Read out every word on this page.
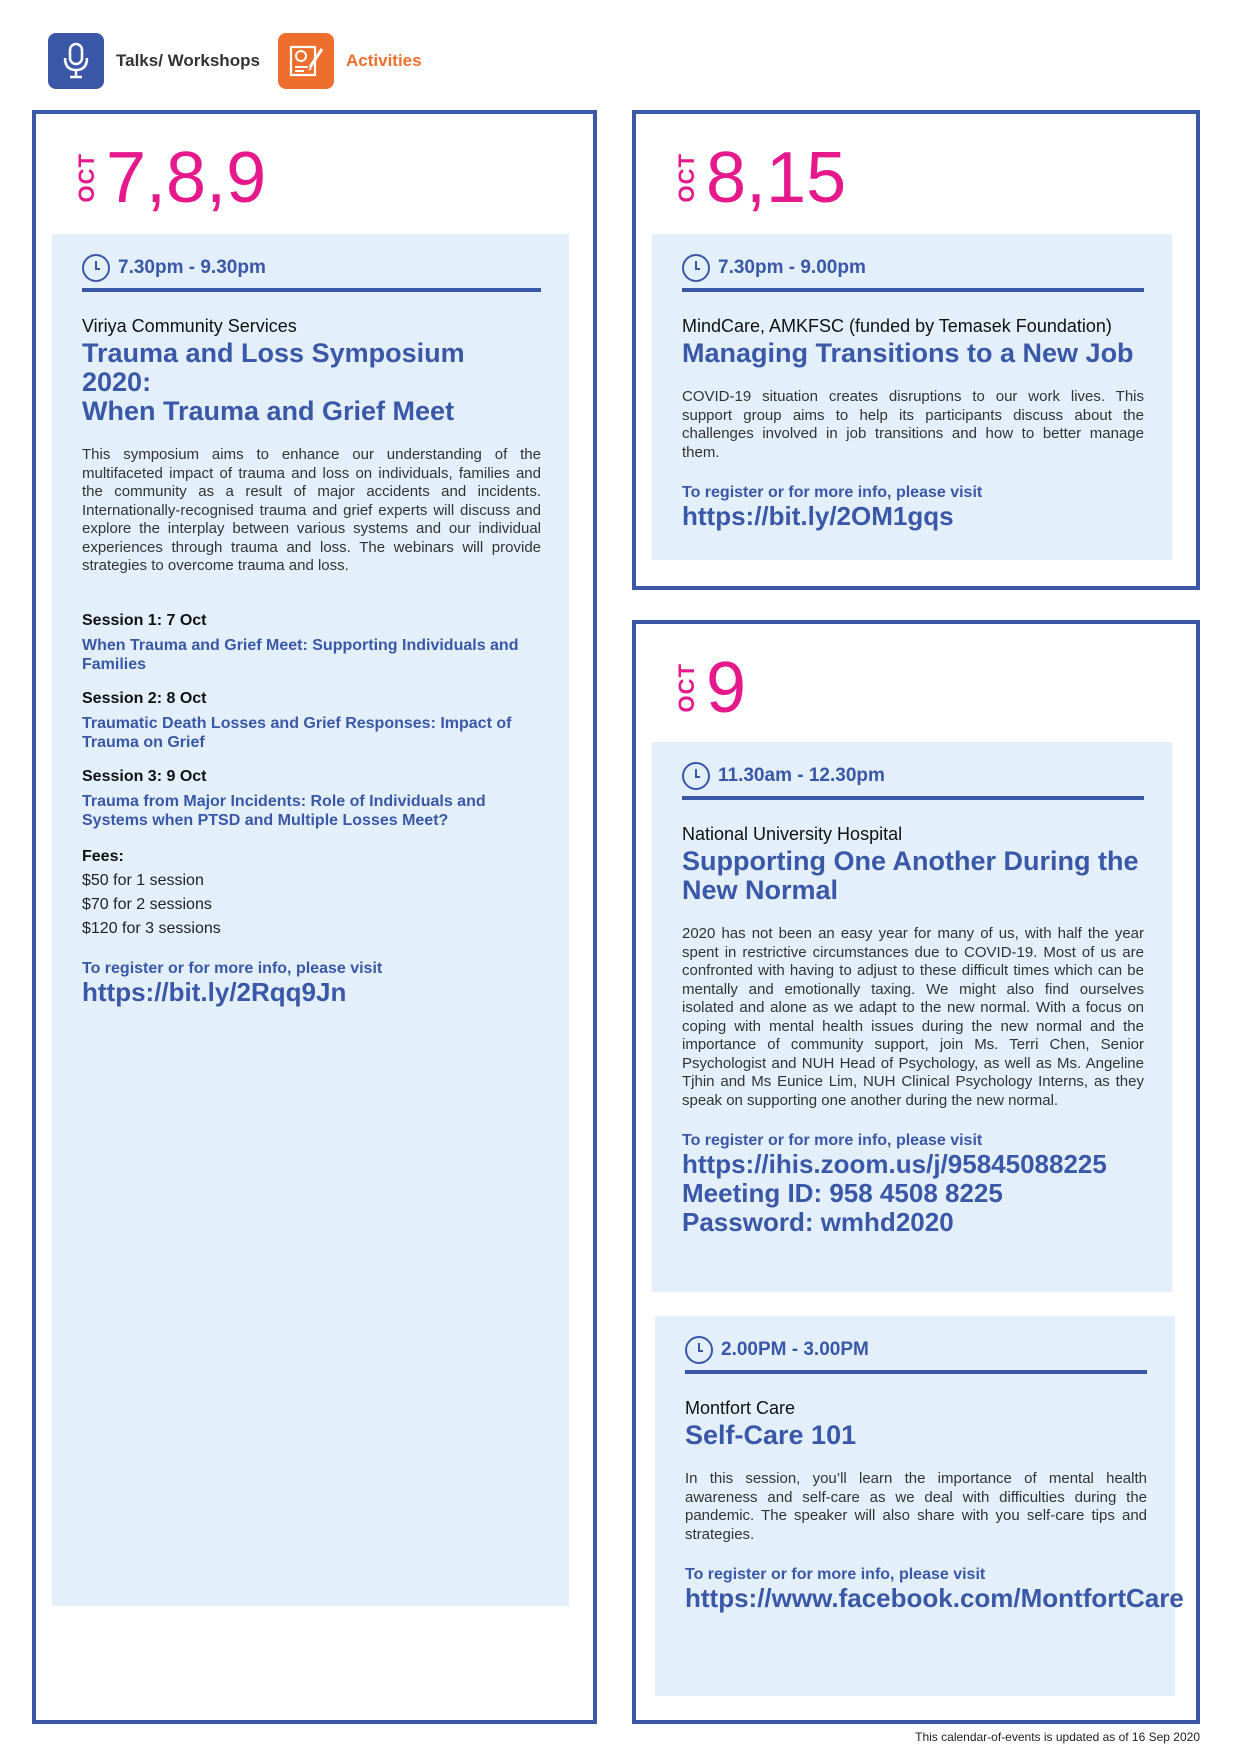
Talks/ Workshops	Activities
OCT 7,8,9
7.30pm - 9.30pm
Viriya Community Services
Trauma and Loss Symposium 2020:
When Trauma and Grief Meet
This symposium aims to enhance our understanding of the multifaceted impact of trauma and loss on individuals, families and the community as a result of major accidents and incidents. Internationally-recognised trauma and grief experts will discuss and explore the interplay between various systems and our individual experiences through trauma and loss. The webinars will provide strategies to overcome trauma and loss.
Session 1: 7 Oct
When Trauma and Grief Meet: Supporting Individuals and Families
Session 2: 8 Oct
Traumatic Death Losses and Grief Responses: Impact of Trauma on Grief
Session 3: 9 Oct
Trauma from Major Incidents: Role of Individuals and Systems when PTSD and Multiple Losses Meet?
Fees:
$50 for 1 session
$70 for 2 sessions
$120 for 3 sessions
To register or for more info, please visit
https://bit.ly/2Rqq9Jn
OCT 8,15
7.30pm - 9.00pm
MindCare, AMKFSC (funded by Temasek Foundation)
Managing Transitions to a New Job
COVID-19 situation creates disruptions to our work lives. This support group aims to help its participants discuss about the challenges involved in job transitions and how to better manage them.
To register or for more info, please visit
https://bit.ly/2OM1gqs
OCT 9
11.30am - 12.30pm
National University Hospital
Supporting One Another During the
New Normal
2020 has not been an easy year for many of us, with half the year spent in restrictive circumstances due to COVID-19. Most of us are confronted with having to adjust to these difficult times which can be mentally and emotionally taxing. We might also find ourselves isolated and alone as we adapt to the new normal. With a focus on coping with mental health issues during the new normal and the importance of community support, join Ms. Terri Chen, Senior Psychologist and NUH Head of Psychology, as well as Ms. Angeline Tjhin and Ms Eunice Lim, NUH Clinical Psychology Interns, as they speak on supporting one another during the new normal.
To register or for more info, please visit
https://ihis.zoom.us/j/95845088225
Meeting ID: 958 4508 8225
Password: wmhd2020
2.00PM - 3.00PM
Montfort Care
Self-Care 101
In this session, you’ll learn the importance of mental health awareness and self-care as we deal with difficulties during the pandemic. The speaker will also share with you self-care tips and strategies.
To register or for more info, please visit
https://www.facebook.com/MontfortCare
This calendar-of-events is updated as of 16 Sep 2020
